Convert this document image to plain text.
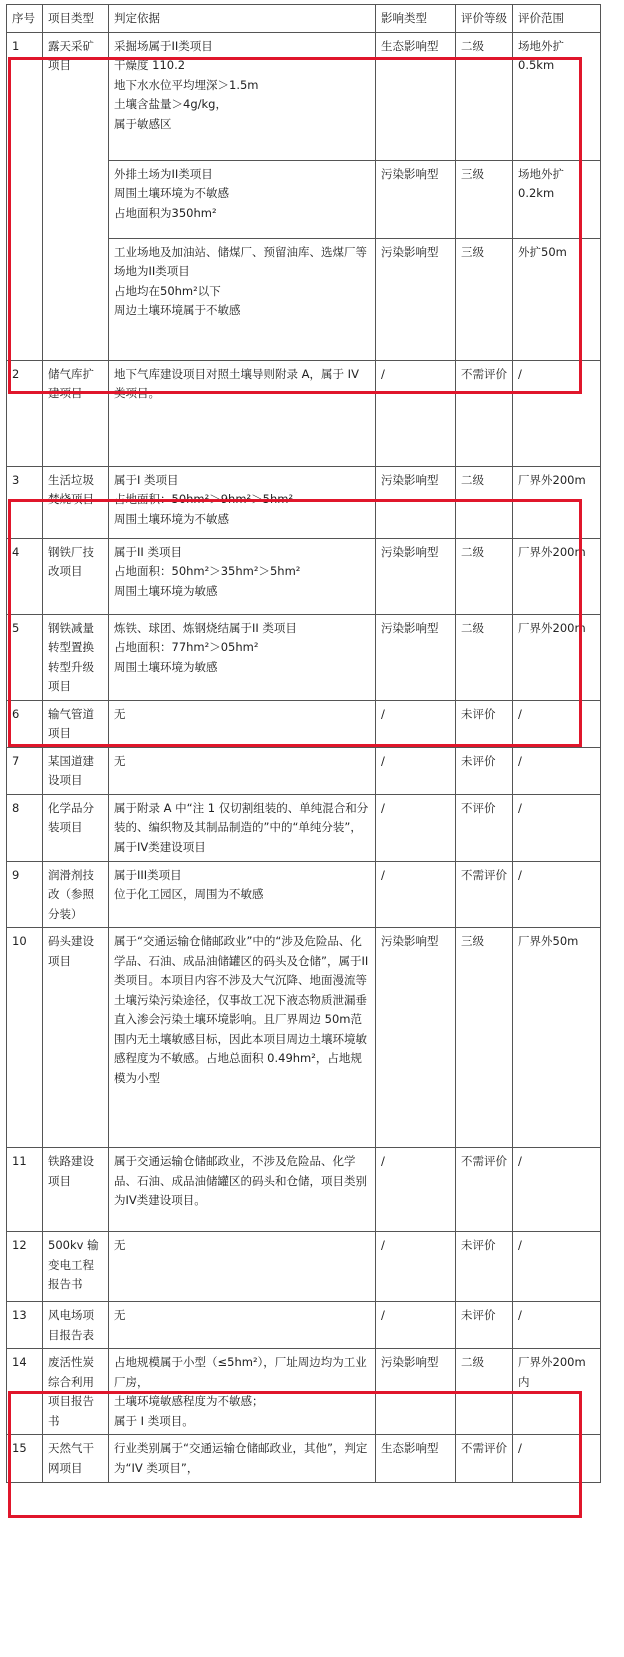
序号	项目类型	判定依据	影响类型	评价等级	评价范围
1	露天采矿项目	采掘场属于II类项目
干燥度 110.2
地下水水位平均埋深＞1.5m
土壤含盐量＞4g/kg，
属于敏感区	生态影响型	二级	场地外扩0.5km

		外排土场为II类项目
周围土壤环境为不敏感
占地面积为350hm²	污染影响型	三级	场地外扩0.2km

		工业场地及加油站、储煤厂、预留油库、选煤厂等场地为II类项目
占地均在50hm²以下
周边土壤环境属于不敏感	污染影响型	三级	外扩50m
2	储气库扩建项目	地下气库建设项目对照土壤导则附录 A，属于 IV 类项目。	/	不需评价	/
3	生活垃圾焚烧项目	属于I 类项目
占地面积：50hm²＞9hm²＞5hm²
周围土壤环境为不敏感	污染影响型	二级	厂界外200m
4	钢铁厂技改项目	属于II 类项目
占地面积：50hm²＞35hm²＞5hm²
周围土壤环境为敏感	污染影响型	二级	厂界外200m
5	钢铁减量转型置换转型升级项目	炼铁、球团、炼钢烧结属于II 类项目
占地面积：77hm²＞05hm²
周围土壤环境为敏感	污染影响型	二级	厂界外200m
6	输气管道项目	无	/	未评价	/
7	某国道建设项目	无	/	未评价	/
8	化学品分装项目	属于附录 A 中“注 1 仅切割组装的、单纯混合和分装的、编织物及其制品制造的”中的“单纯分装”，属于IV类建设项目	/	不评价	/
9	润滑剂技改（参照分装）	属于III类项目
位于化工园区，周围为不敏感	/	不需评价	/
10	码头建设项目	属于“交通运输仓储邮政业”中的“涉及危险品、化学品、石油、成品油储罐区的码头及仓储”，属于II类项目。本项目内容不涉及大气沉降、地面漫流等土壤污染污染途径，仅事故工况下液态物质泄漏垂直入渗会污染土壤环境影响。且厂界周边 50m范围内无土壤敏感目标，因此本项目周边土壤环境敏感程度为不敏感。占地总面积 0.49hm²，占地规模为小型	污染影响型	三级	厂界外50m
11	铁路建设项目	属于交通运输仓储邮政业，不涉及危险品、化学品、石油、成品油储罐区的码头和仓储，项目类别为IV类建设项目。	/	不需评价	/
12	500kv 输变电工程报告书	无	/	未评价	/
13	风电场项目报告表	无	/	未评价	/
14	废活性炭综合利用项目报告书	占地规模属于小型（≤5hm²），厂址周边均为工业厂房，
土壤环境敏感程度为不敏感；
属于 I 类项目。	污染影响型	二级	厂界外200m内
15	天然气干网项目	行业类别属于“交通运输仓储邮政业，其他”，判定为“IV 类项目”，	生态影响型	不需评价	/
